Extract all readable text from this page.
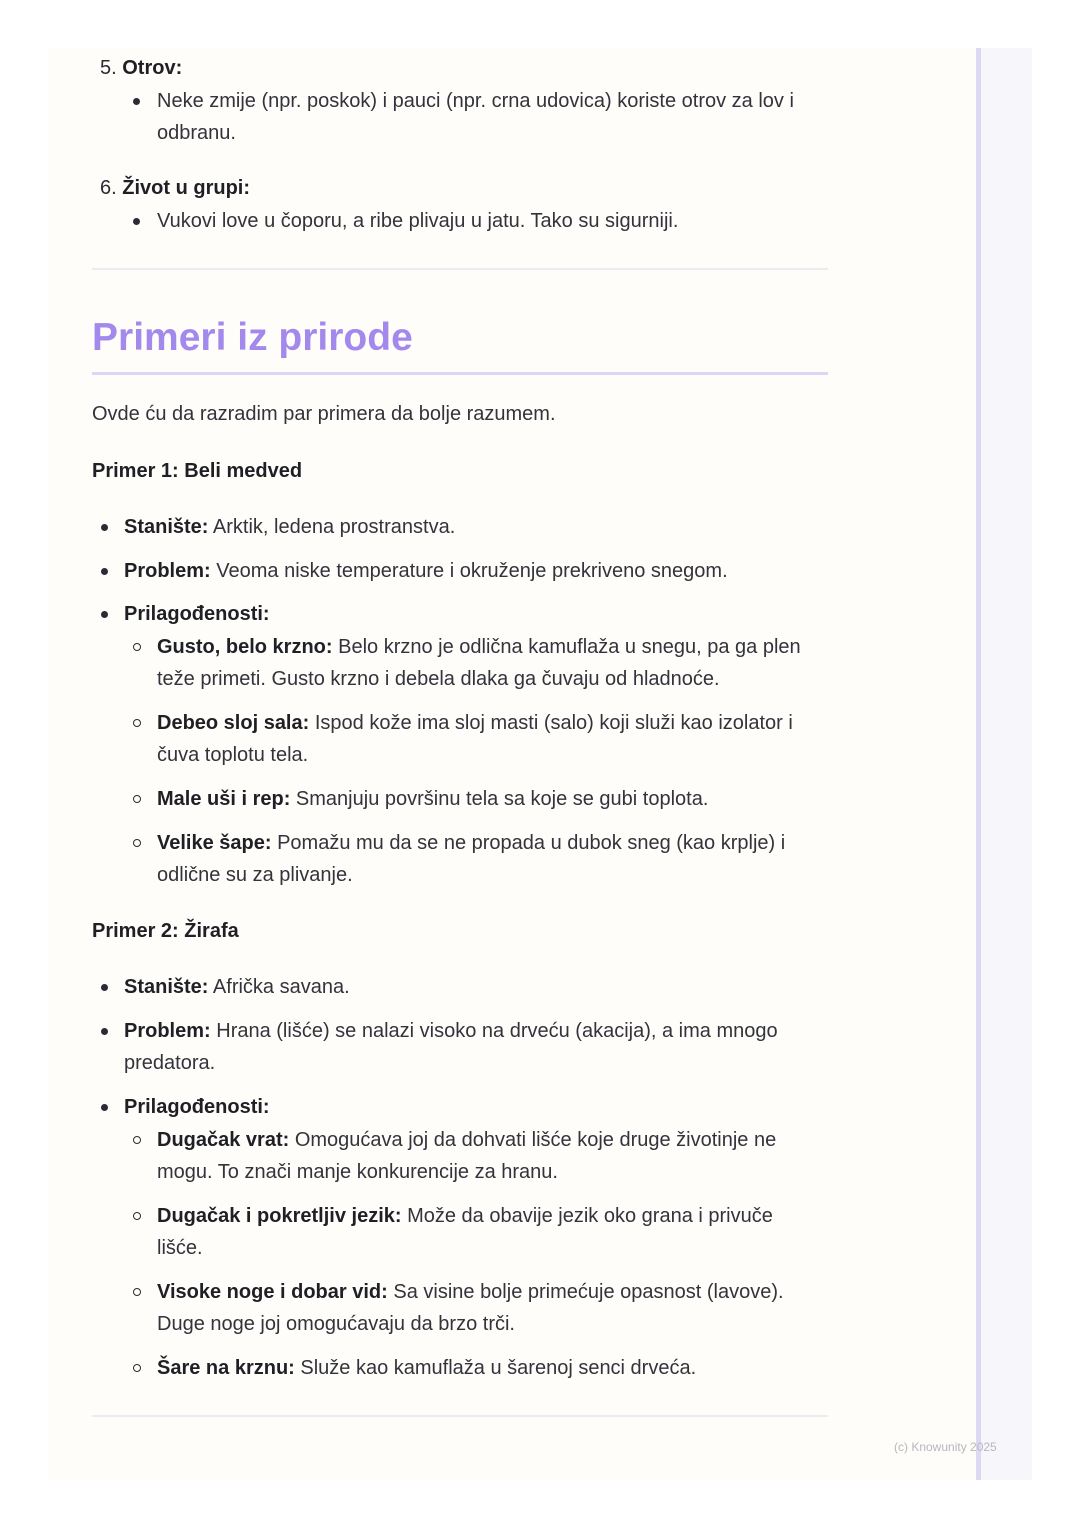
5. Otrov:
Neke zmije (npr. poskok) i pauci (npr. crna udovica) koriste otrov za lov i
odbranu.
6. Život u grupi:
Vukovi love u čoporu, a ribe plivaju u jatu. Tako su sigurniji.
Primeri iz prirode
Ovde ću da razradim par primera da bolje razumem.
Primer 1: Beli medved
Stanište: Arktik, ledena prostranstva.
Problem: Veoma niske temperature i okruženje prekriveno snegom.
Prilagođenosti:
Gusto, belo krzno: Belo krzno je odlična kamuflaža u snegu, pa ga plen
teže primeti. Gusto krzno i debela dlaka ga čuvaju od hladnoće.
Debeo sloj sala: Ispod kože ima sloj masti (salo) koji služi kao izolator i
čuva toplotu tela.
Male uši i rep: Smanjuju površinu tela sa koje se gubi toplota.
Velike šape: Pomažu mu da se ne propada u dubok sneg (kao krplje) i
odlične su za plivanje.
Primer 2: Žirafa
Stanište: Afrička savana.
Problem: Hrana (lišće) se nalazi visoko na drveću (akacija), a ima mnogo
predatora.
Prilagođenosti:
Dugačak vrat: Omogućava joj da dohvati lišće koje druge životinje ne
mogu. To znači manje konkurencije za hranu.
Dugačak i pokretljiv jezik: Može da obavije jezik oko grana i privuče
lišće.
Visoke noge i dobar vid: Sa visine bolje primećuje opasnost (lavove).
Duge noge joj omogućavaju da brzo trči.
Šare na krznu: Služe kao kamuflaža u šarenoj senci drveća.
(c) Knowunity 2025
